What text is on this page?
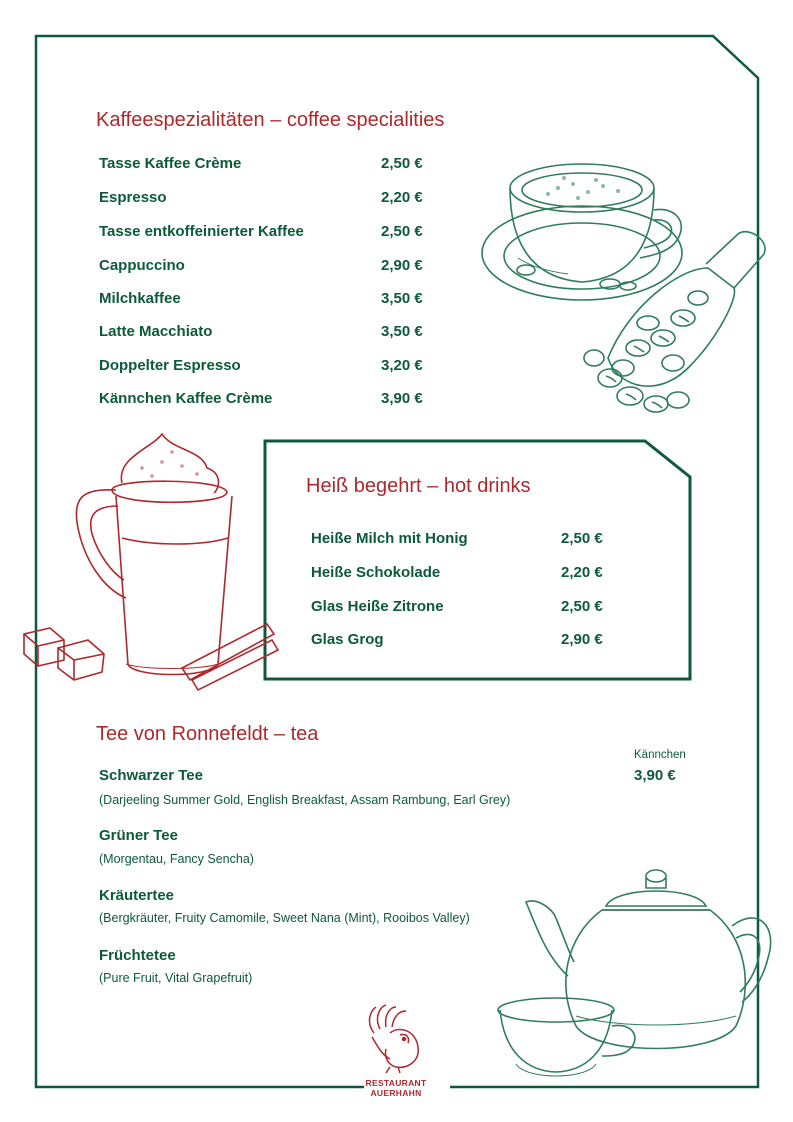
Kaffeespezialitäten – coffee specialities
Tasse Kaffee Crème	2,50 €
Espresso	2,20 €
Tasse entkoffeinierter Kaffee	2,50 €
Cappuccino	2,90 €
Milchkaffee	3,50 €
Latte Macchiato	3,50 €
Doppelter Espresso	3,20 €
Kännchen Kaffee Crème	3,90 €
Heiß begehrt – hot drinks
Heiße Milch mit Honig	2,50 €
Heiße Schokolade	2,20 €
Glas Heiße Zitrone	2,50 €
Glas Grog	2,90 €
Tee von Ronnefeldt – tea
Kännchen
3,90 €
Schwarzer Tee
(Darjeeling Summer Gold, English Breakfast, Assam Rambung, Earl Grey)
Grüner Tee
(Morgentau, Fancy Sencha)
Kräutertee
(Bergkräuter, Fruity Camomile, Sweet Nana (Mint), Rooibos Valley)
Früchtetee
(Pure Fruit, Vital Grapefruit)
RESTAURANT
AUERHAHN
